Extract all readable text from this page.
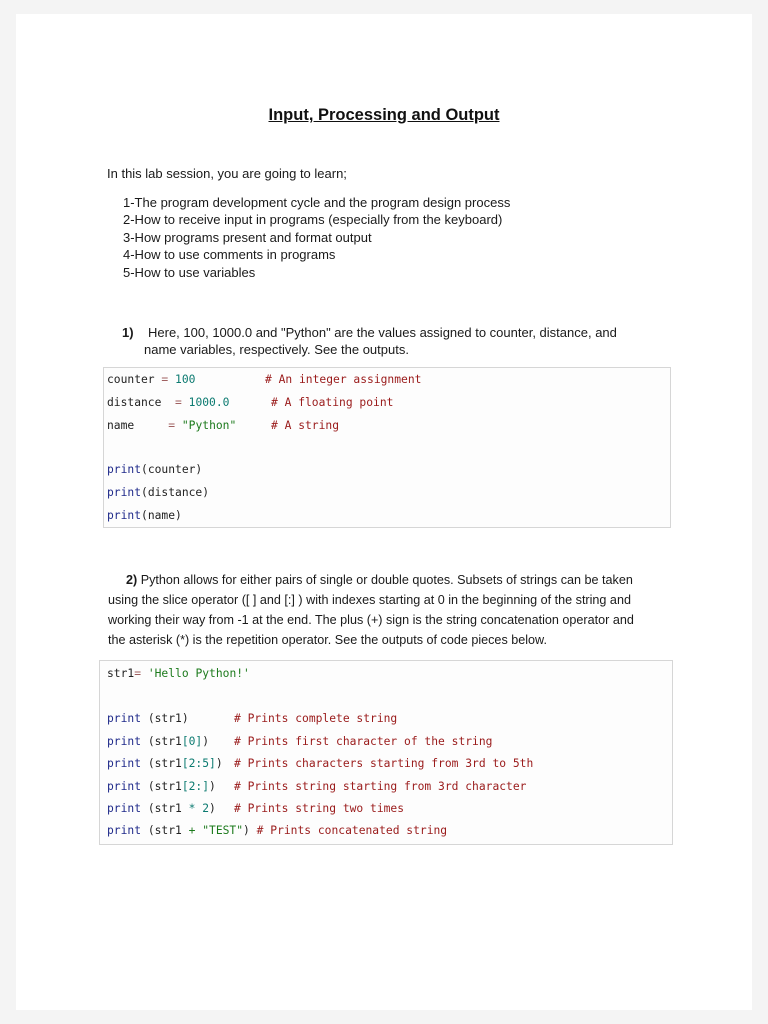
Input, Processing and Output
In this lab session, you are going to learn;
1-The program development cycle and the program design process
2-How to receive input in programs (especially from the keyboard)
3-How programs present and format output
4-How to use comments in programs
5-How to use variables
1) Here, 100, 1000.0 and "Python" are the values assigned to counter, distance, and
name variables, respectively. See the outputs.
counter = 100	# An integer assignment
distance = 1000.0	# A floating point
name	= "Python"	# A string
print(counter)
print(distance)
print(name)
2) Python allows for either pairs of single or double quotes. Subsets of strings can be taken
using the slice operator ([ ] and [:] ) with indexes starting at 0 in the beginning of the string and
working their way from -1 at the end. The plus (+) sign is the string concatenation operator and
the asterisk (*) is the repetition operator. See the outputs of code pieces below.
str1= 'Hello Python!'
print (str1)	# Prints complete string
print (str1[0]) # Prints first character of the string
print (str1[2:5]) # Prints characters starting from 3rd to 5th
print (str1[2:]) # Prints string starting from 3rd character
print (str1 * 2) # Prints string two times
print (str1 + "TEST") # Prints concatenated string
